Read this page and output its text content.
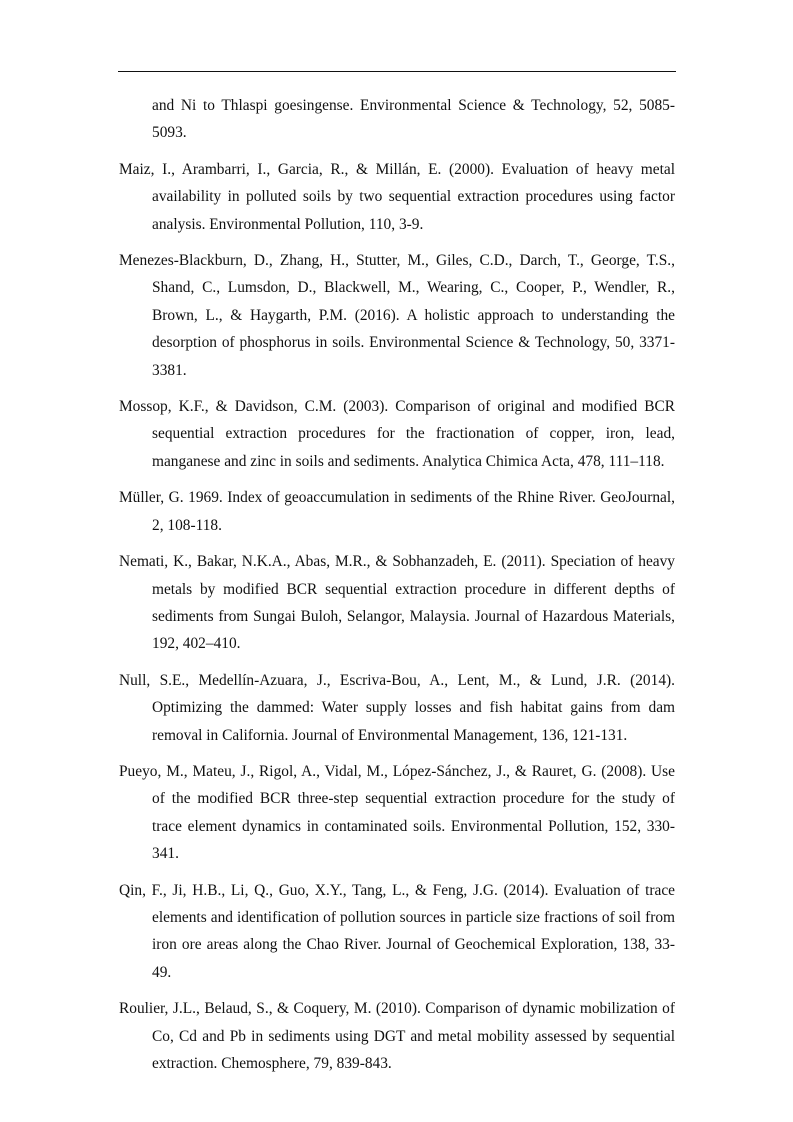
and Ni to Thlaspi goesingense. Environmental Science & Technology, 52, 5085-5093.
Maiz, I., Arambarri, I., Garcia, R., & Millán, E. (2000). Evaluation of heavy metal availability in polluted soils by two sequential extraction procedures using factor analysis. Environmental Pollution, 110, 3-9.
Menezes-Blackburn, D., Zhang, H., Stutter, M., Giles, C.D., Darch, T., George, T.S., Shand, C., Lumsdon, D., Blackwell, M., Wearing, C., Cooper, P., Wendler, R., Brown, L., & Haygarth, P.M. (2016). A holistic approach to understanding the desorption of phosphorus in soils. Environmental Science & Technology, 50, 3371-3381.
Mossop, K.F., & Davidson, C.M. (2003). Comparison of original and modified BCR sequential extraction procedures for the fractionation of copper, iron, lead, manganese and zinc in soils and sediments. Analytica Chimica Acta, 478, 111–118.
Müller, G. 1969. Index of geoaccumulation in sediments of the Rhine River. GeoJournal, 2, 108-118.
Nemati, K., Bakar, N.K.A., Abas, M.R., & Sobhanzadeh, E. (2011). Speciation of heavy metals by modified BCR sequential extraction procedure in different depths of sediments from Sungai Buloh, Selangor, Malaysia. Journal of Hazardous Materials, 192, 402–410.
Null, S.E., Medellín-Azuara, J., Escriva-Bou, A., Lent, M., & Lund, J.R. (2014). Optimizing the dammed: Water supply losses and fish habitat gains from dam removal in California. Journal of Environmental Management, 136, 121-131.
Pueyo, M., Mateu, J., Rigol, A., Vidal, M., López-Sánchez, J., & Rauret, G. (2008). Use of the modified BCR three-step sequential extraction procedure for the study of trace element dynamics in contaminated soils. Environmental Pollution, 152, 330-341.
Qin, F., Ji, H.B., Li, Q., Guo, X.Y., Tang, L., & Feng, J.G. (2014). Evaluation of trace elements and identification of pollution sources in particle size fractions of soil from iron ore areas along the Chao River. Journal of Geochemical Exploration, 138, 33-49.
Roulier, J.L., Belaud, S., & Coquery, M. (2010). Comparison of dynamic mobilization of Co, Cd and Pb in sediments using DGT and metal mobility assessed by sequential extraction. Chemosphere, 79, 839-843.
